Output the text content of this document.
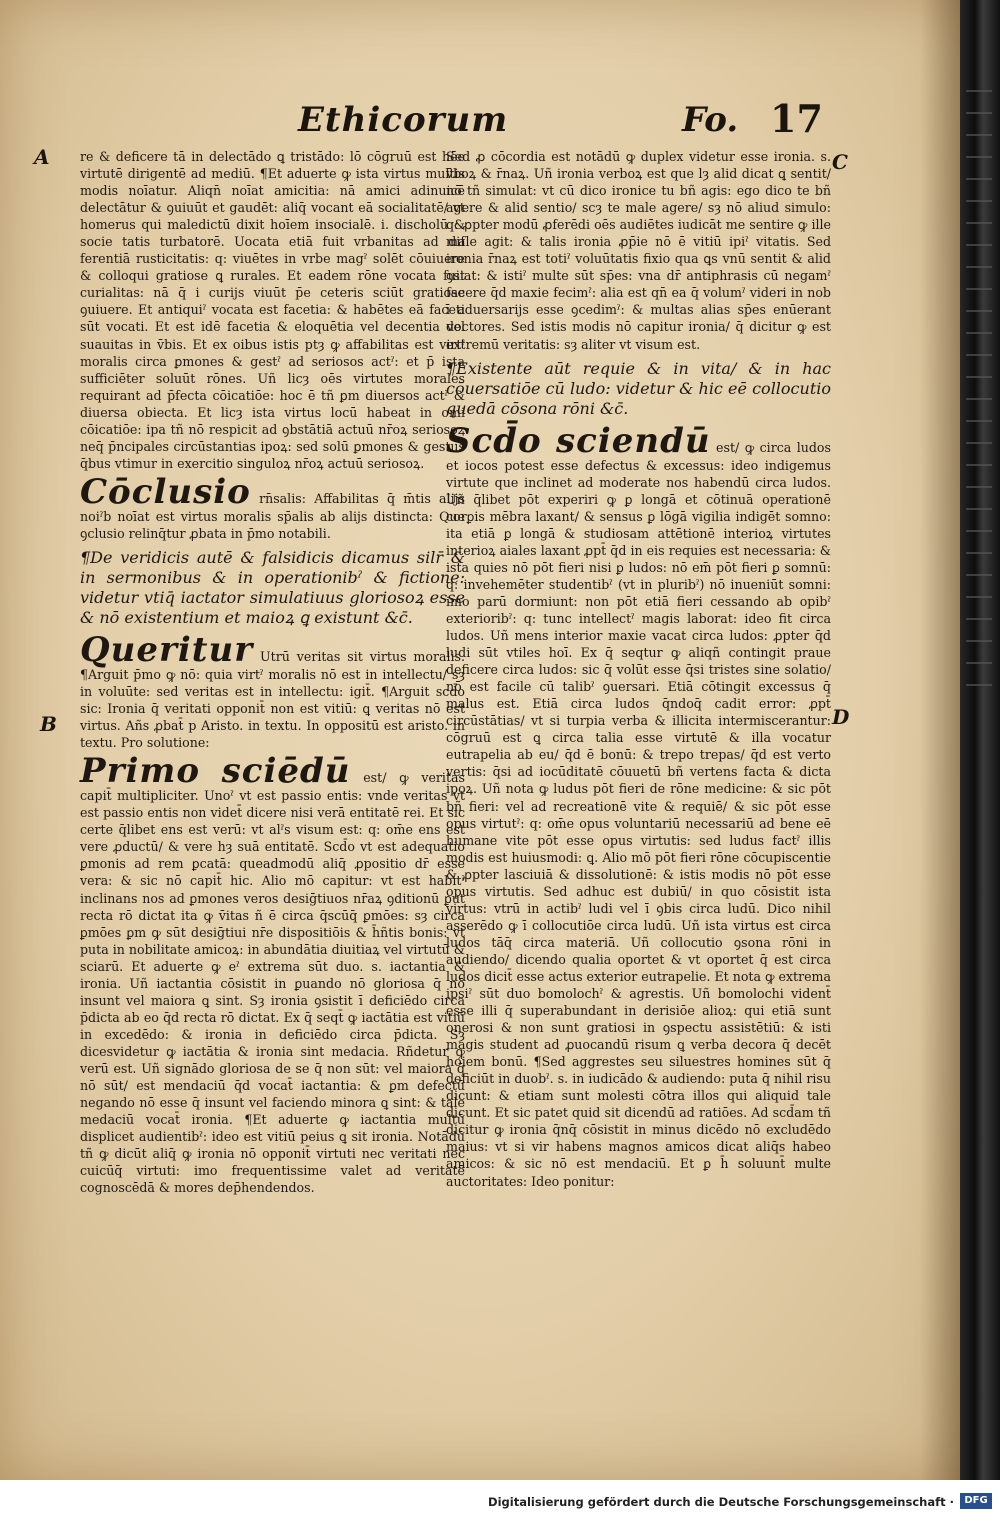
Ethicorum	Fo. 17
A
B
C
D

re & deficere tā in delectādo ꝗ tristādo: lō cōgruū est hēe virtutē dirigentē ad mediū. ¶Et aduerte ꝙ ista virtus multis modis noīatur. Aliqn̄ noīat amicitia: nā amici adinuicē delectātur & ꝯuiuūt et gaudēt: aliq̄ vocant eā socialitatē/ vt homerus qui maledictū dixit hoīem insocialē. i. discholū & socie tatis turbatorē. Uocata etiā fuit vrbanitas ad dif ferentiā rusticitatis: q: viuētes in vrbe magˀ solēt cōuiuere & colloqui gratiose ꝗ rurales. Et eadem rōne vocata fuit curialitas: nā q̄ i curijs viuūt p̄e ceteris sciūt gratiose ꝯuiuere. Et antiquiˀ vocata est facetia: & habētes eā faceti sūt vocati. Et est idē facetia & eloquētia vel decentia vel suauitas in v̄bis. Et ex oibus istis ptȝ ꝙ affabilitas est virtˀ moralis circa ꝑmones & gestˀ ad seriosos actˀ: et p̄ ista sufficiēter soluūt rōnes. Uñ licȝ oēs virtutes morales requirant ad p̄fecta cōicatiōe: hoc ē tñ ꝑm diuersos actˀ & diuersa obiecta. Et licȝ ista virtus locū habeat in omi cōicatiōe: ipa tñ nō respicit ad ꝯbstātiā actuū nr̄oꝝ seriosoꝝ neq̄ p̄ncipales circūstantias ipoꝝ: sed solū ꝑmones & gestus q̄bus vtimur in exercitio singuloꝝ nr̄oꝝ actuū seriosoꝝ.

Cōclusio rn̄salis: Affabilitas q̄ m̄tis alijs noiˀb noīat est virtus moralis sp̄alis ab alijs distincta: Que ꝯclusio relinq̄tur ꝓbata in p̄mo notabili.

¶De veridicis autē & falsidicis dicamus silr̄ & in sermonibus & in operationibˀ & fictione: videtur vtiq̄ iactator simulatiuus gloriosoꝝ esse & nō existentium et maioꝝ ꝗ existunt &c̄.

Queritur Utrū veritas sit virtus moralis. ¶Arguit p̄mo ꝙ nō: quia virtˀ moralis nō est in intellectu/ sȝ in voluūte: sed veritas est in intellectu: igit̄. ¶Arguit scd̄o sic: Ironia q̄ veritati opponit̄ non est vitiū: ꝗ veritas nō est virtus. Añs ꝓbat̄ p Aristo. in textu. In oppositū est aristo. in textu. Pro solutione:

Primo sciēdū est/ ꝙ veritas capit̄ multipliciter. Unoˀ vt est passio entis: vnde veritas vt est passio entis non videt̄ dicere nisi verā entitatē rei. Et sic certe q̄libet ens est verū: vt alˀs visum est: q: om̄e ens est vere ꝓductū/ & vere hȝ suā entitatē. Scd̄o vt est adequatio ꝑmonis ad rem ꝑcatā: queadmodū aliq̄ ꝓpositio dr̄ esse vera: & sic nō capit̄ hic. Alio mō capitur: vt est habitˀ inclinans nos ad ꝑmones veros desiḡtiuos nr̄aꝝ ꝯditionū ꝑut recta rō dictat ita ꝙ v̄itas ñ ē circa q̄scūq̄ ꝑmōes: sȝ circa ꝑmōes ꝑm ꝙ sūt desiḡtiui nr̄e dispositiōis & h̄ñtis bonis: vt puta in nobilitate amicoꝝ: in abundātia diuitiaꝝ vel virtutū & sciarū. Et aduerte ꝙ eˀ extrema sūt duo. s. iactantia & ironia. Uñ iactantia cōsistit in ꝑuando nō gloriosa q̄ nō insunt vel maiora ꝗ sint. Sȝ ironia ꝯsistit ī deficiēdo circa p̄dicta ab eo q̄d recta rō dictat. Ex q̄ seqt̄ ꝙ iactātia est vitiū in excedēdo: & ironia in deficiēdo circa p̄dicta. Sȝ dicesvidetur ꝙ iactātia & ironia sint medacia. Rñdetur ꝙ verū est. Uñ signādo gloriosa de se q̄ non sūt: vel maiora q̄ nō sūt/ est mendaciū q̄d vocat̄ iactantia: & ꝑm defectū negando nō esse q̄ insunt vel faciendo minora ꝗ sint: & tale medaciū vocat̄ ironia. ¶Et aduerte ꝙ iactantia multū displicet audientibˀ: ideo est vitiū peius ꝗ sit ironia. Notādū tñ ꝙ dicūt aliq̄ ꝙ ironia nō opponit̄ virtuti nec veritati nec cuicūq̄ virtuti: imo frequentissime valet ad veritatē cognoscēdā & mores dep̄hendendos.

Sed ꝓ cōcordia est notādū ꝙ duplex videtur esse ironia. s. v̄boꝝ & r̄naꝝ. Uñ ironia verboꝝ est que lȝ alid dicat ꝗ sentit/ nō tñ simulat: vt cū dico ironice tu bñ agis: ego dico te bñ agere & alid sentio/ scȝ te male agere/ sȝ nō aliud simulo: q: ꝓpter modū ꝓferēdi oēs audiētes iudicāt me sentire ꝙ ille male agit: & talis ironia ꝓp̄ie nō ē vitiū ipiˀ vitatis. Sed ironia r̄naꝝ est totiˀ voluūtatis fixio qua ꝗs vnū sentit & alid ꝯsiat: & istiˀ multe sūt sp̄es: vna dr̄ antiphrasis cū negamˀ facere q̄d maxie fecimˀ: alia est qn̄ ea q̄ volumˀ videri in nob ī aduersarijs esse ꝯcedimˀ: & multas alias sp̄es enūerant doctores. Sed istis modis nō capitur ironia/ q̄ dicitur ꝙ est extremū veritatis: sȝ aliter vt visum est.

¶Existente aūt requie & in vita/ & in hac cōuersatiōe cū ludo: videtur & hic eē collocutio quedā cōsona rōni &c̄.

Scd̄o sciendū est/ ꝙ circa ludos et iocos potest esse defectus & excessus: ideo indigemus virtute que inclinet ad moderate nos habendū circa ludos. Uñ q̄libet pōt experiri ꝙ ꝑ longā et cōtinuā operationē corꝑis mēbra laxant/ & sensus ꝑ lōgā vigilia indigēt somno: ita etiā ꝑ longā & studiosam attētionē interioꝝ virtutes interioꝝ aiales laxant ꝓpt̄ q̄d in eis requies est necessaria: & ista quies nō pōt fieri nisi ꝑ ludos: nō em̄ pōt fieri ꝑ somnū: q: invehemēter studentibˀ (vt in pluribˀ) nō inueniūt somni: imo parū dormiunt: non pōt etiā fieri cessando ab opibˀ exterioribˀ: q: tunc intellectˀ magis laborat: ideo fit circa ludos. Uñ mens interior maxie vacat circa ludos: ꝓpter q̄d ludi sūt vtiles hoī. Ex q̄ seqtur ꝙ aliqñ contingit praue deficere circa ludos: sic q̄ volūt esse q̄si tristes sine solatio/ nō est facile cū talibˀ ꝯuersari. Etiā cōtingit excessus q̄ malus est. Etiā circa ludos q̄ndoq̄ cadit error: ꝓpt̄ circūstātias/ vt si turpia verba & illicita intermiscerantur: cōgruū est ꝗ circa talia esse virtutē & illa vocatur eutrapelia ab eu/ q̄d ē bonū: & trepo trepas/ q̄d est verto vertis: q̄si ad iocūditatē cōuuetū bñ vertens facta & dicta ipoꝝ. Uñ nota ꝙ ludus pōt fieri de rōne medicine: & sic pōt bñ fieri: vel ad recreationē vite & requiē/ & sic pōt esse opus virtutˀ: q: om̄e opus voluntariū necessariū ad bene eē humane vite pōt esse opus virtutis: sed ludus factˀ illis modis est huiusmodi: ꝗ. Alio mō pōt fieri rōne cōcupiscentie & ꝓpter lasciuiā & dissolutionē: & istis modis nō pōt esse opus virtutis. Sed adhuc est dubiū/ in quo cōsistit ista virtus: vtrū in actibˀ ludi vel ī ꝯbis circa ludū. Dico nihil asserēdo ꝙ ī collocutiōe circa ludū. Uñ ista virtus est circa ludos tāq̄ circa materiā. Uñ collocutio ꝯsona rōni in audiendo/ dicendo qualia oportet & vt oportet q̄ est circa ludos dicit̄ esse actus exterior eutrapelie. Et nota ꝙ extrema ipsiˀ sūt duo bomolochˀ & agrestis. Uñ bomolochi vident̄ esse illi q̄ superabundant in derisiōe alioꝝ: qui etiā sunt onerosi & non sunt gratiosi in ꝯspectu assistētiū: & isti magis student ad ꝓuocandū risum ꝗ verba decora q̄ decēt hoiem bonū. ¶Sed aggrestes seu siluestres homines sūt q̄ deficiūt in duobˀ. s. in iudicādo & audiendo: puta q̄ nihil risu dicunt: & etiam sunt molesti cōtra illos qui aliquid tale dicunt. Et sic patet quid sit dicendū ad ratiōes. Ad scd̄am tñ dicitur ꝙ ironia q̄nq̄ cōsistit in minus dicēdo nō excludēdo maius: vt si vir habens magnos amicos dicat aliq̄s habeo amicos: & sic nō est mendaciū. Et ꝑ h̄ soluunt̄ multe auctoritates: Ideo ponitur:

Digitalisierung gefördert durch die Deutsche Forschungsgemeinschaft ·	DFG
